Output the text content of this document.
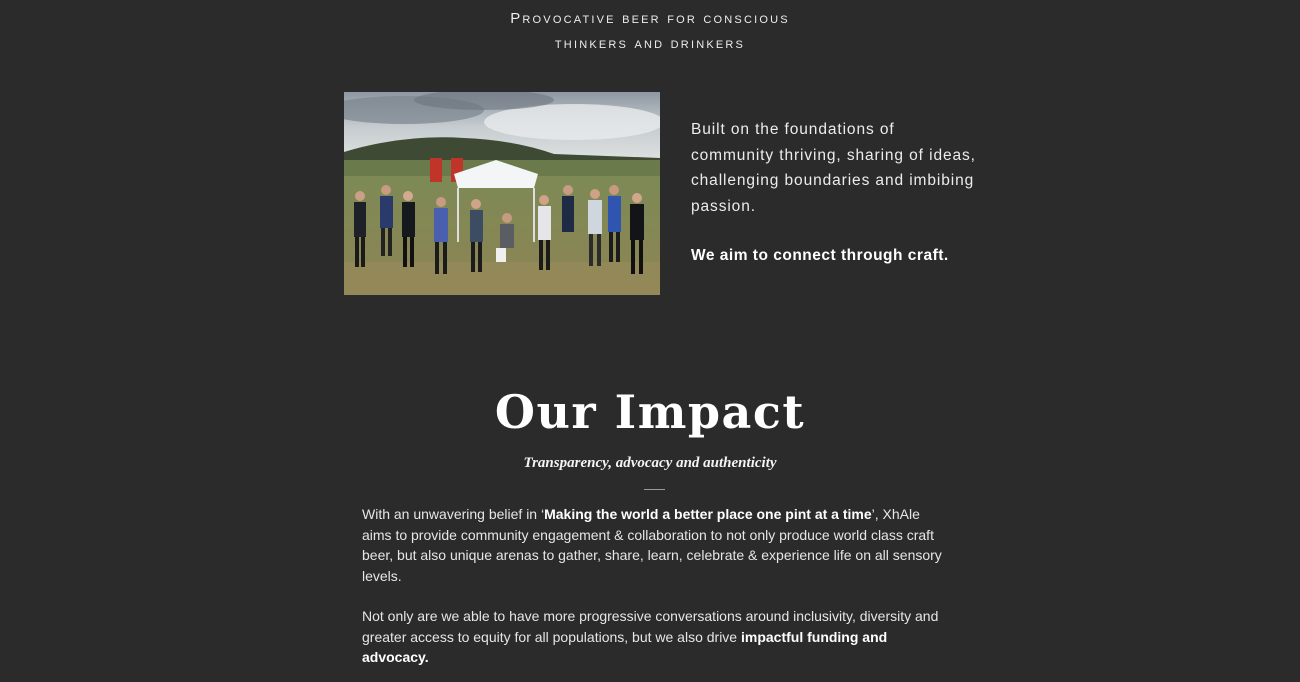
Provocative beer for conscious
thinkers and drinkers
Built on the foundations of community thriving, sharing of ideas, challenging boundaries and imbibing passion.
We aim to connect through craft.
Our Impact
Transparency, advocacy and authenticity

With an unwavering belief in ‘Making the world a better place one pint at a time’, XhAle aims to provide community engagement & collaboration to not only produce world class craft beer, but also unique arenas to gather, share, learn, celebrate & experience life on all sensory levels.

Not only are we able to have more progressive conversations around inclusivity, diversity and greater access to equity for all populations, but we also drive impactful funding and advocacy.
